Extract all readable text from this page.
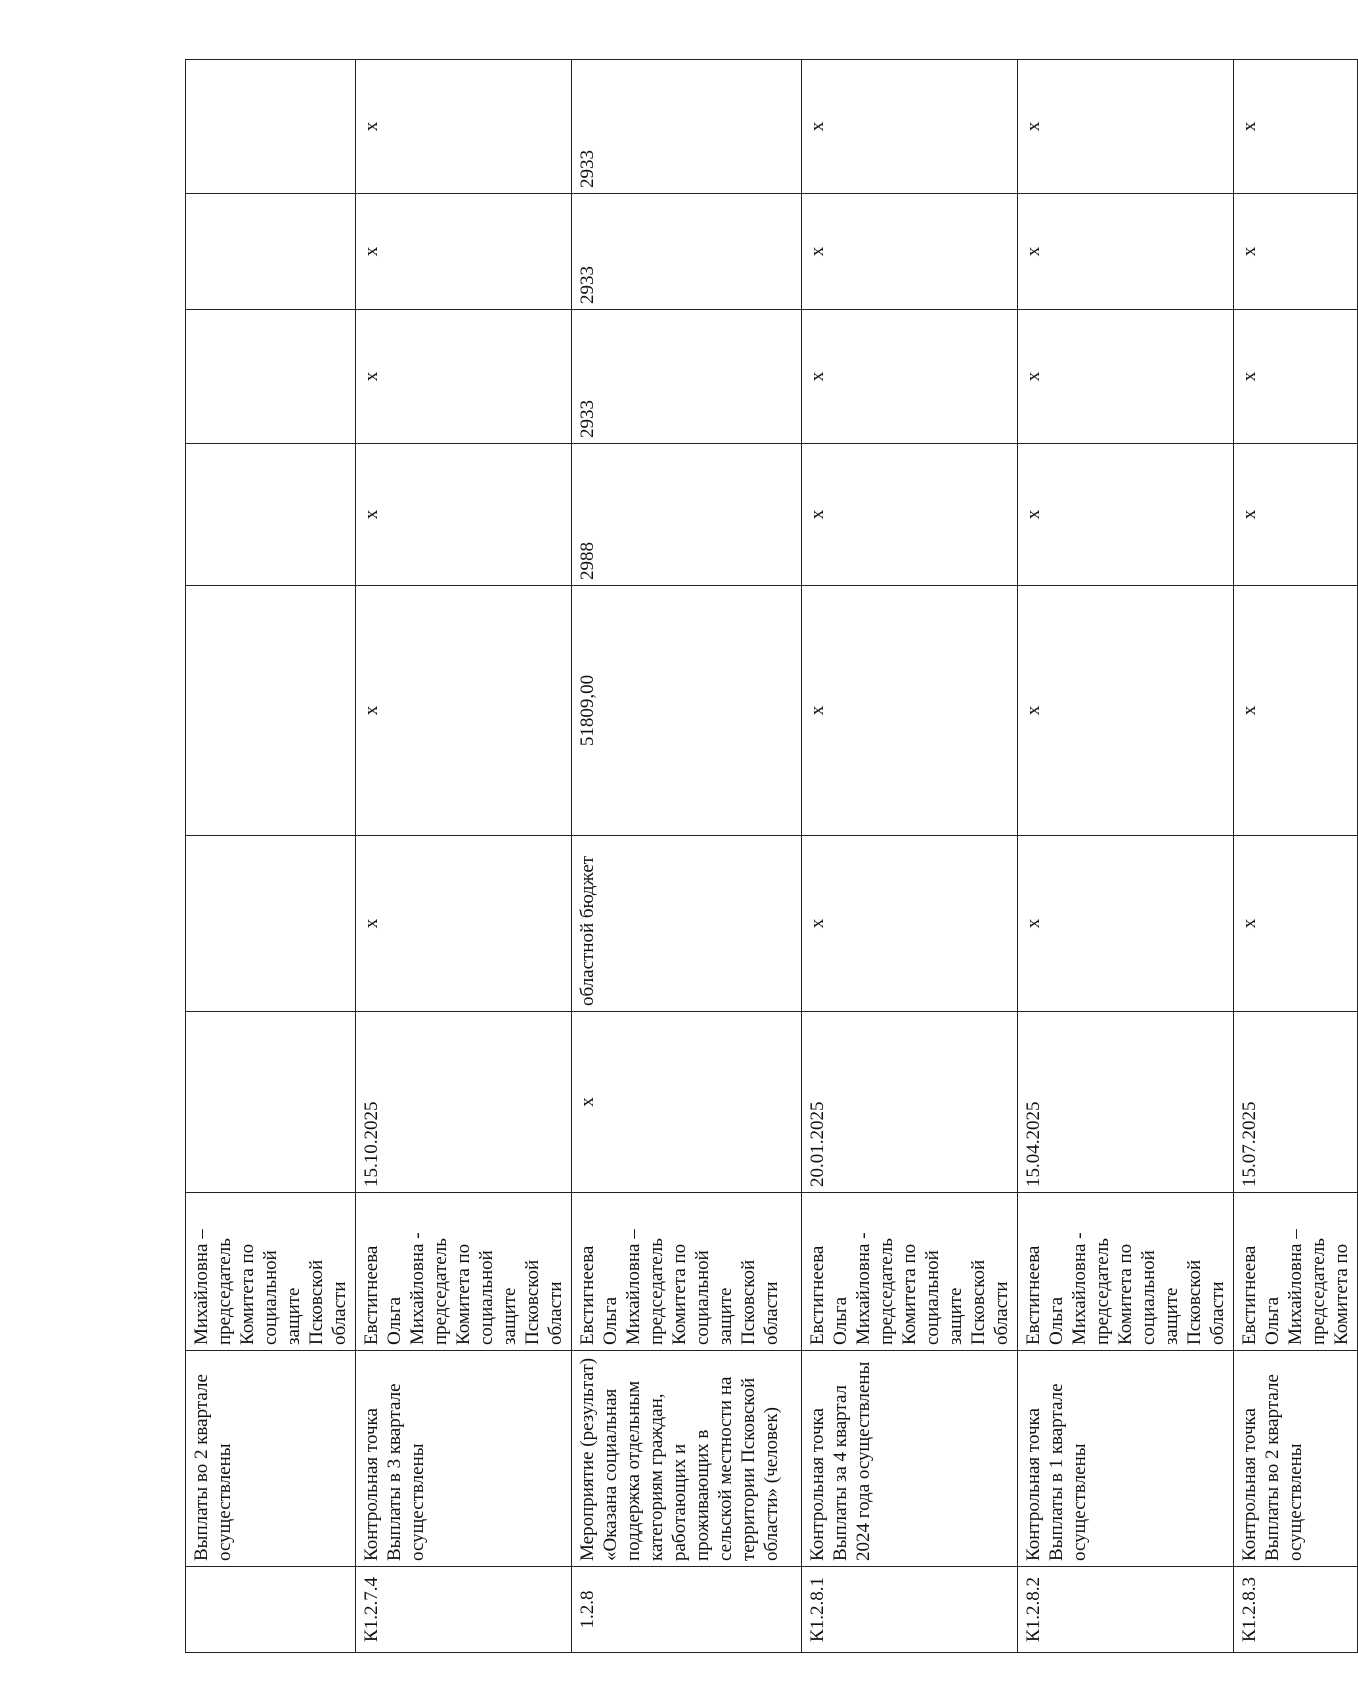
	Выплаты во 2 квартале осуществлены	Михайловна – председатель Комитета по социальной защите Псковской области							
К1.2.7.4	Контрольная точка Выплаты в 3 квартале осуществлены	Евстигнеева Ольга Михайловна - председатель Комитета по социальной защите Псковской области	15.10.2025	х	х	х	х	х	х
1.2.8	Мероприятие (результат) «Оказана социальная поддержка отдельным категориям граждан, работающих и проживающих в сельской местности на территории Псковской области» (человек)	Евстигнеева Ольга Михайловна – председатель Комитета по социальной защите Псковской области	х	областной бюджет	51809,00	2988	2933	2933	2933
К1.2.8.1	Контрольная точка Выплаты за 4 квартал 2024 года осуществлены	Евстигнеева Ольга Михайловна - председатель Комитета по социальной защите Псковской области	20.01.2025	х	х	х	х	х	х
К1.2.8.2	Контрольная точка Выплаты в 1 квартале осуществлены	Евстигнеева Ольга Михайловна - председатель Комитета по социальной защите Псковской области	15.04.2025	х	х	х	х	х	х
К1.2.8.3	Контрольная точка Выплаты во 2 квартале осуществлены	Евстигнеева Ольга Михайловна – председатель Комитета по	15.07.2025	х	х	х	х	х	х
